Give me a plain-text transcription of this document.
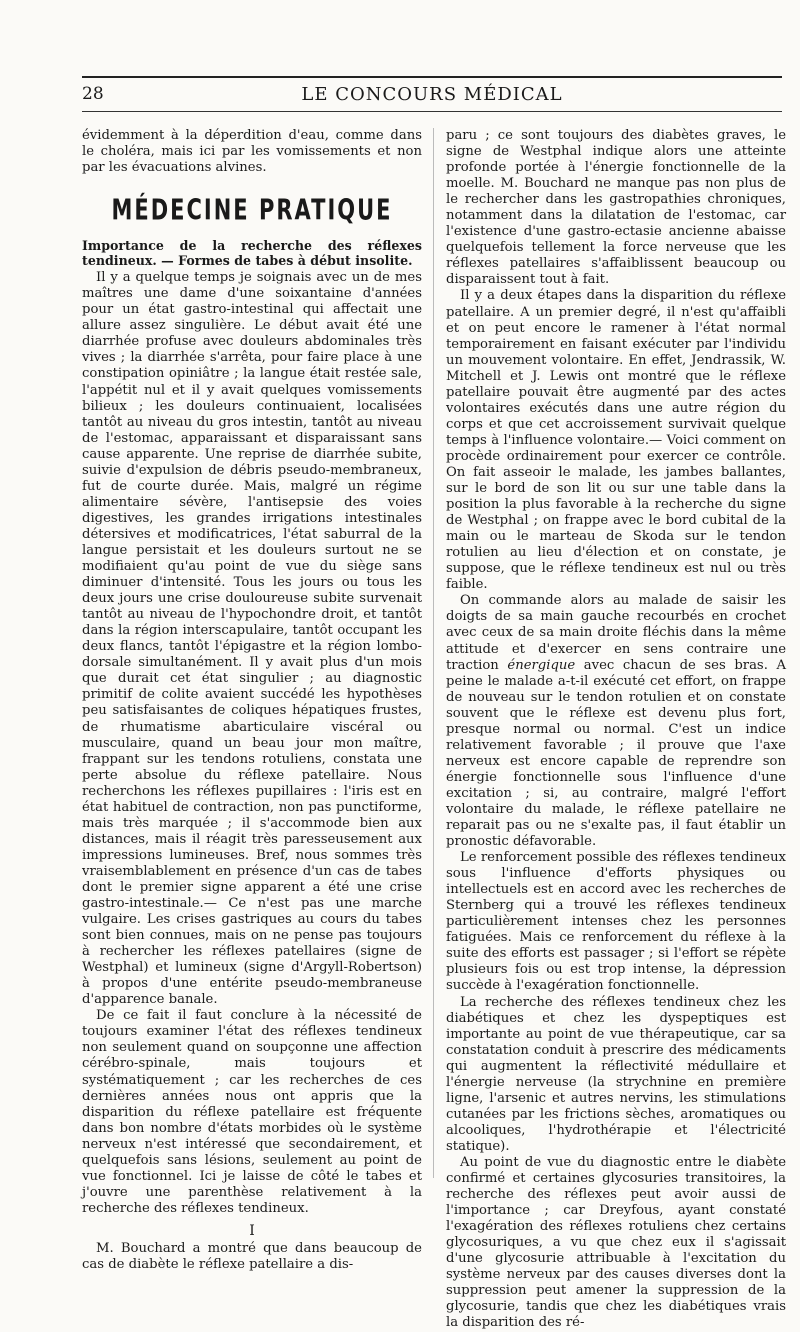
28	LE CONCOURS MÉDICAL

évidemment à la déperdition d'eau, comme dans le choléra, mais ici par les vomissements et non par les évacuations alvines.

MÉDECINE PRATIQUE
Importance de la recherche des réflexes tendineux. — Formes de tabes à début insolite.

Il y a quelque temps je soignais avec un de mes maîtres une dame d'une soixantaine d'années pour un état gastro-intestinal qui affectait une allure assez singulière. Le début avait été une diarrhée profuse avec douleurs abdominales très vives ; la diarrhée s'arrêta, pour faire place à une constipation opiniâtre ; la langue était restée sale, l'appétit nul et il y avait quelques vomissements bilieux ; les douleurs continuaient, localisées tantôt au niveau du gros intestin, tantôt au niveau de l'estomac, apparaissant et disparaissant sans cause apparente. Une reprise de diarrhée subite, suivie d'expulsion de débris pseudo-membraneux, fut de courte durée. Mais, malgré un régime alimentaire sévère, l'antisepsie des voies digestives, les grandes irrigations intestinales détersives et modificatrices, l'état saburral de la langue persistait et les douleurs surtout ne se modifiaient qu'au point de vue du siège sans diminuer d'intensité. Tous les jours ou tous les deux jours une crise douloureuse subite survenait tantôt au niveau de l'hypochondre droit, et tantôt dans la région interscapulaire, tantôt occupant les deux flancs, tantôt l'épigastre et la région lombo-dorsale simultanément. Il y avait plus d'un mois que durait cet état singulier ; au diagnostic primitif de colite avaient succédé les hypothèses peu satisfaisantes de coliques hépatiques frustes, de rhumatisme abarticulaire viscéral ou musculaire, quand un beau jour mon maître, frappant sur les tendons rotuliens, constata une perte absolue du réflexe patellaire. Nous recherchons les réflexes pupillaires : l'iris est en état habituel de contraction, non pas punctiforme, mais très marquée ; il s'accommode bien aux distances, mais il réagit très paresseusement aux impressions lumineuses. Bref, nous sommes très vraisemblablement en présence d'un cas de tabes dont le premier signe apparent a été une crise gastro-intestinale.— Ce n'est pas une marche vulgaire. Les crises gastriques au cours du tabes sont bien connues, mais on ne pense pas toujours à rechercher les réflexes patellaires (signe de Westphal) et lumineux (signe d'Argyll-Robertson) à propos d'une entérite pseudo-membraneuse d'apparence banale.

De ce fait il faut conclure à la nécessité de toujours examiner l'état des réflexes tendineux non seulement quand on soupçonne une affection cérébro-spinale, mais toujours et systématiquement ; car les recherches de ces dernières années nous ont appris que la disparition du réflexe patellaire est fréquente dans bon nombre d'états morbides où le système nerveux n'est intéressé que secondairement, et quelquefois sans lésions, seulement au point de vue fonctionnel. Ici je laisse de côté le tabes et j'ouvre une parenthèse relativement à la recherche des réflexes tendineux.

I

M. Bouchard a montré que dans beaucoup de cas de diabète le réflexe patellaire a dis-

paru ; ce sont toujours des diabètes graves, le signe de Westphal indique alors une atteinte profonde portée à l'énergie fonctionnelle de la moelle. M. Bouchard ne manque pas non plus de le rechercher dans les gastropathies chroniques, notamment dans la dilatation de l'estomac, car l'existence d'une gastro-ectasie ancienne abaisse quelquefois tellement la force nerveuse que les réflexes patellaires s'affaiblissent beaucoup ou disparaissent tout à fait.

Il y a deux étapes dans la disparition du réflexe patellaire. A un premier degré, il n'est qu'affaibli et on peut encore le ramener à l'état normal temporairement en faisant exécuter par l'individu un mouvement volontaire. En effet, Jendrassik, W. Mitchell et J. Lewis ont montré que le réflexe patellaire pouvait être augmenté par des actes volontaires exécutés dans une autre région du corps et que cet accroissement survivait quelque temps à l'influence volontaire.— Voici comment on procède ordinairement pour exercer ce contrôle. On fait asseoir le malade, les jambes ballantes, sur le bord de son lit ou sur une table dans la position la plus favorable à la recherche du signe de Westphal ; on frappe avec le bord cubital de la main ou le marteau de Skoda sur le tendon rotulien au lieu d'élection et on constate, je suppose, que le réflexe tendineux est nul ou très faible.

On commande alors au malade de saisir les doigts de sa main gauche recourbés en crochet avec ceux de sa main droite fléchis dans la même attitude et d'exercer en sens contraire une traction énergique avec chacun de ses bras. A peine le malade a-t-il exécuté cet effort, on frappe de nouveau sur le tendon rotulien et on constate souvent que le réflexe est devenu plus fort, presque normal ou normal. C'est un indice relativement favorable ; il prouve que l'axe nerveux est encore capable de reprendre son énergie fonctionnelle sous l'influence d'une excitation ; si, au contraire, malgré l'effort volontaire du malade, le réflexe patellaire ne reparait pas ou ne s'exalte pas, il faut établir un pronostic défavorable.

Le renforcement possible des réflexes tendineux sous l'influence d'efforts physiques ou intellectuels est en accord avec les recherches de Sternberg qui a trouvé les réflexes tendineux particulièrement intenses chez les personnes fatiguées. Mais ce renforcement du réflexe à la suite des efforts est passager ; si l'effort se répète plusieurs fois ou est trop intense, la dépression succède à l'exagération fonctionnelle.

La recherche des réflexes tendineux chez les diabétiques et chez les dyspeptiques est importante au point de vue thérapeutique, car sa constatation conduit à prescrire des médicaments qui augmentent la réflectivité médullaire et l'énergie nerveuse (la strychnine en première ligne, l'arsenic et autres nervins, les stimulations cutanées par les frictions sèches, aromatiques ou alcooliques, l'hydrothérapie et l'électricité statique).

Au point de vue du diagnostic entre le diabète confirmé et certaines glycosuries transitoires, la recherche des réflexes peut avoir aussi de l'importance ; car Dreyfous, ayant constaté l'exagération des réflexes rotuliens chez certains glycosuriques, a vu que chez eux il s'agissait d'une glycosurie attribuable à l'excitation du système nerveux par des causes diverses dont la suppression peut amener la suppression de la glycosurie, tandis que chez les diabétiques vrais la disparition des ré-
